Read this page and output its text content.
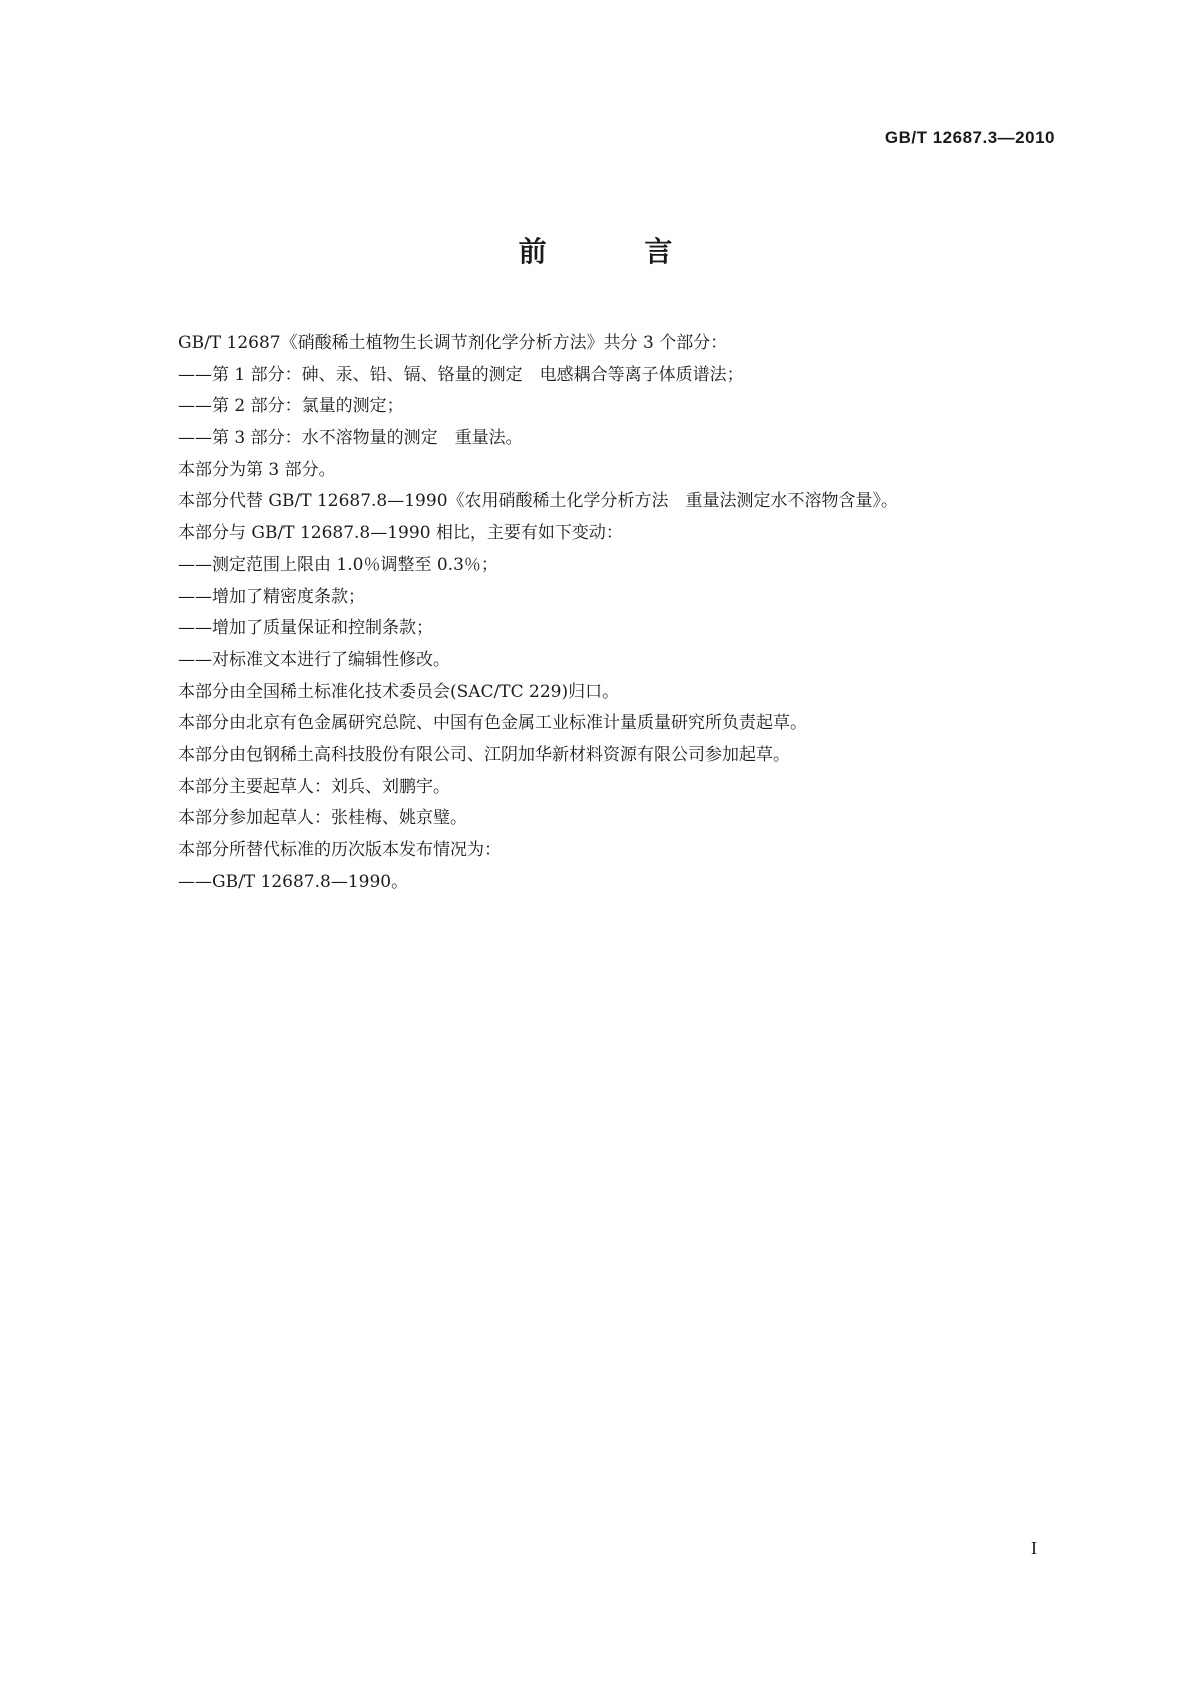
GB/T 12687.3—2010
前 言
GB/T 12687《硝酸稀土植物生长调节剂化学分析方法》共分 3 个部分：
——第 1 部分：砷、汞、铅、镉、铬量的测定　电感耦合等离子体质谱法；
——第 2 部分：氯量的测定；
——第 3 部分：水不溶物量的测定　重量法。
本部分为第 3 部分。
本部分代替 GB/T 12687.8—1990《农用硝酸稀土化学分析方法　重量法测定水不溶物含量》。
本部分与 GB/T 12687.8—1990 相比，主要有如下变动：
——测定范围上限由 1.0％调整至 0.3％；
——增加了精密度条款；
——增加了质量保证和控制条款；
——对标准文本进行了编辑性修改。
本部分由全国稀土标准化技术委员会(SAC/TC 229)归口。
本部分由北京有色金属研究总院、中国有色金属工业标准计量质量研究所负责起草。
本部分由包钢稀土高科技股份有限公司、江阴加华新材料资源有限公司参加起草。
本部分主要起草人：刘兵、刘鹏宇。
本部分参加起草人：张桂梅、姚京璧。
本部分所替代标准的历次版本发布情况为：
——GB/T 12687.8—1990。
I
